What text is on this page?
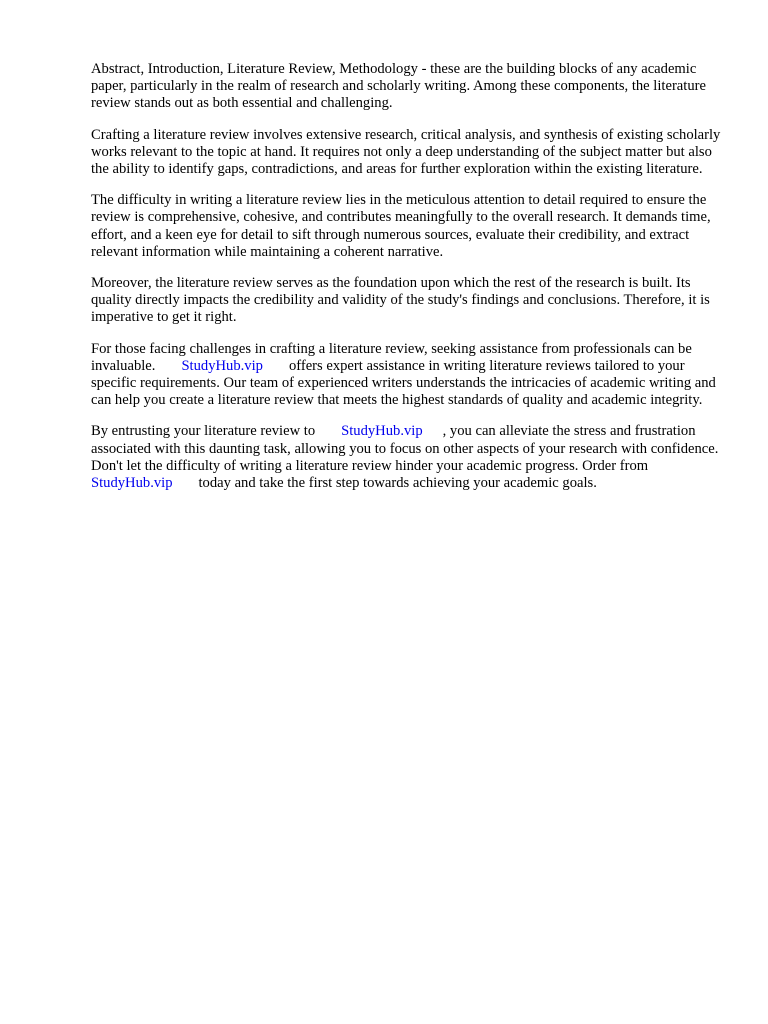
Abstract, Introduction, Literature Review, Methodology - these are the building blocks of any academic paper, particularly in the realm of research and scholarly writing. Among these components, the literature review stands out as both essential and challenging.

Crafting a literature review involves extensive research, critical analysis, and synthesis of existing scholarly works relevant to the topic at hand. It requires not only a deep understanding of the subject matter but also the ability to identify gaps, contradictions, and areas for further exploration within the existing literature.

The difficulty in writing a literature review lies in the meticulous attention to detail required to ensure the review is comprehensive, cohesive, and contributes meaningfully to the overall research. It demands time, effort, and a keen eye for detail to sift through numerous sources, evaluate their credibility, and extract relevant information while maintaining a coherent narrative.

Moreover, the literature review serves as the foundation upon which the rest of the research is built. Its quality directly impacts the credibility and validity of the study's findings and conclusions. Therefore, it is imperative to get it right.

For those facing challenges in crafting a literature review, seeking assistance from professionals can be invaluable. StudyHub.vip offers expert assistance in writing literature reviews tailored to your specific requirements. Our team of experienced writers understands the intricacies of academic writing and can help you create a literature review that meets the highest standards of quality and academic integrity.

By entrusting your literature review to StudyHub.vip , you can alleviate the stress and frustration associated with this daunting task, allowing you to focus on other aspects of your research with confidence. Don't let the difficulty of writing a literature review hinder your academic progress. Order fromStudyHub.vip today and take the first step towards achieving your academic goals.
